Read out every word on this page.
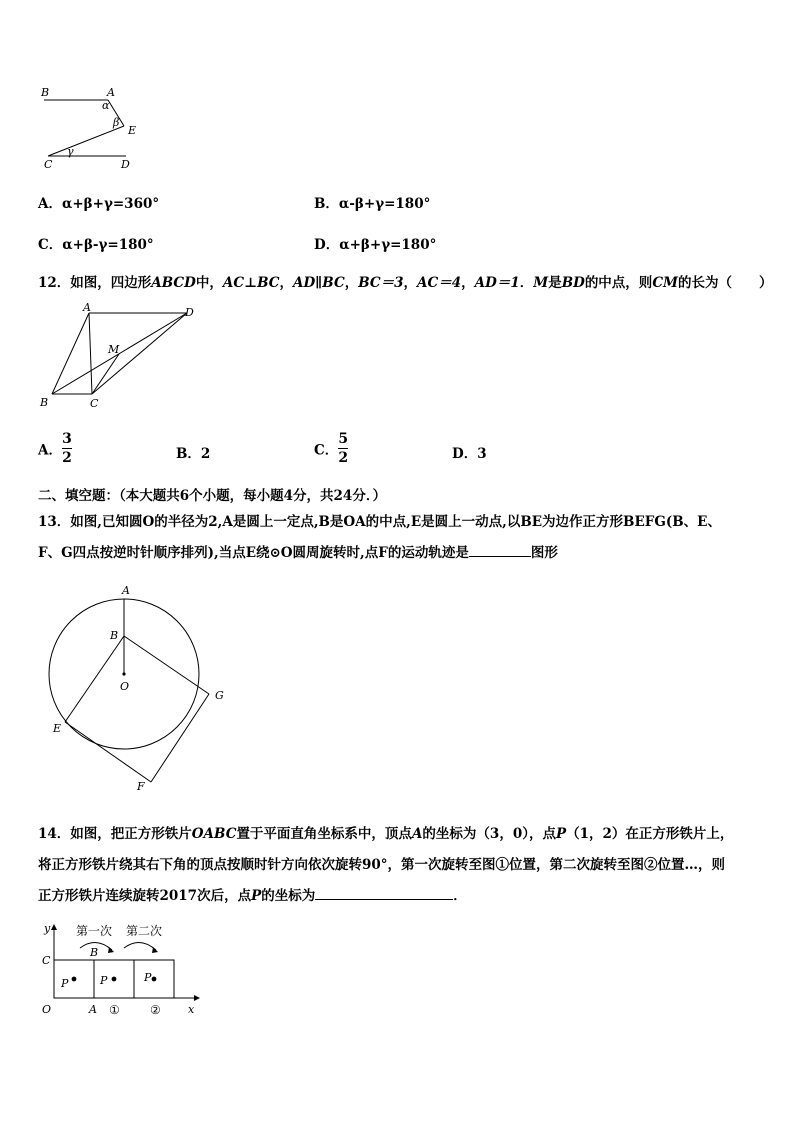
B	A
α
β
E
γ
C	D
A．α+β+γ=360°	B．α-β+γ=180°
C．α+β-γ=180°	D．α+β+γ=180°
12．如图，四边形ABCD中，AC⊥BC，AD∥BC，BC＝3，AC＝4，AD＝1．M是BD的中点，则CM的长为（　　）
A	D
M
B	C
A． $\frac{3}{2}$	B．2	C． $\frac{5}{2}$	D．3
二、填空题：（本大题共6个小题，每小题4分，共24分．）
13．如图,已知圆O的半径为2,A是圆上一定点,B是OA的中点,E是圆上一动点,以BE为边作正方形BEFG(B、E、
F、G四点按逆时针顺序排列),当点E绕⊙O圆周旋转时,点F的运动轨迹是	图形
A
B
O
G
E
F
14．如图，把正方形铁片OABC置于平面直角坐标系中，顶点A的坐标为（3，0），点P（1，2）在正方形铁片上，
将正方形铁片绕其右下角的顶点按顺时针方向依次旋转90°，第一次旋转至图①位置，第二次旋转至图②位置…，则
正方形铁片连续旋转2017次后，点P的坐标为	．
y 第一次 第二次
B
C
P	P	P
O	A ①	② x
